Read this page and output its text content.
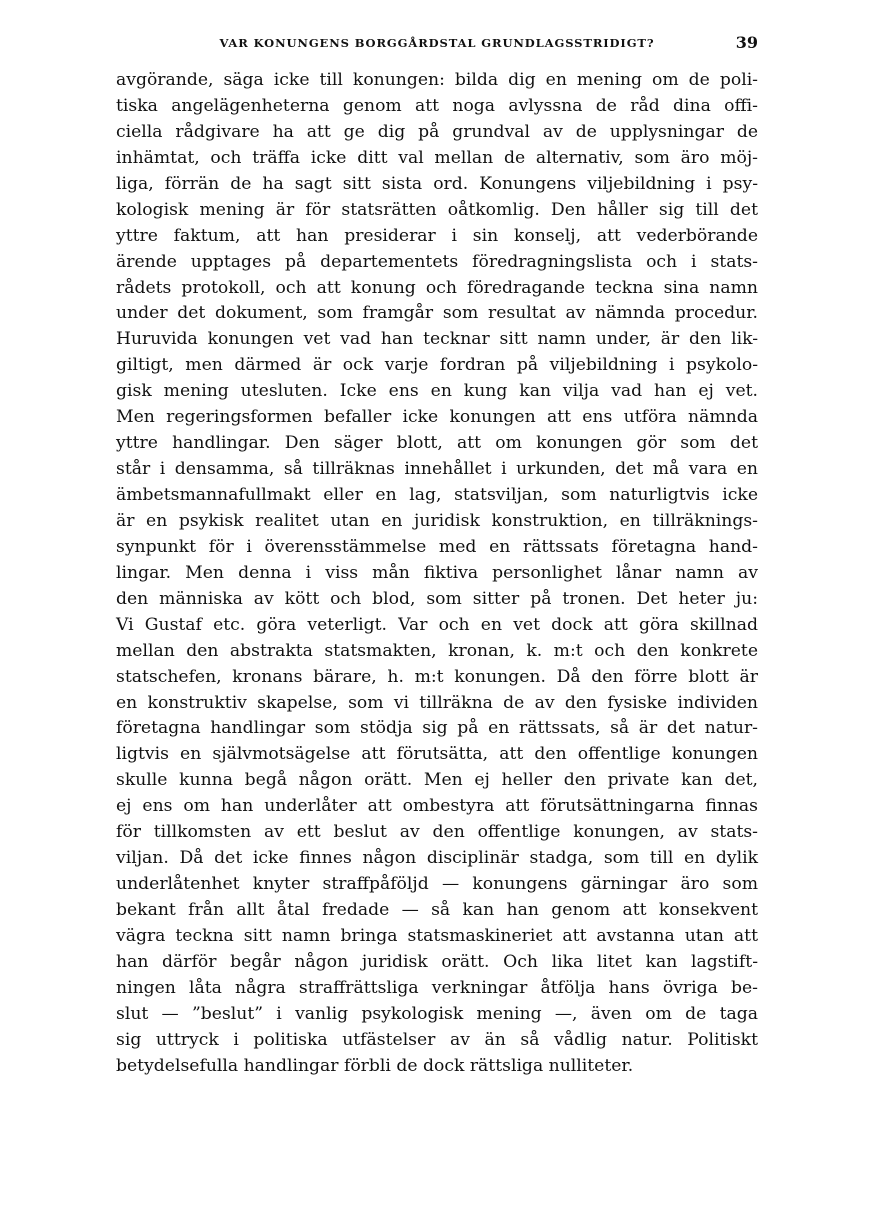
VAR KONUNGENS BORGGÅRDSTAL GRUNDLAGSSTRIDIGT?	39
avgörande, säga icke till konungen: bilda dig en mening om de poli-
tiska angelägenheterna genom att noga avlyssna de råd dina offi-
ciella rådgivare ha att ge dig på grundval av de upplysningar de
inhämtat, och träffa icke ditt val mellan de alternativ, som äro möj-
liga, förrän de ha sagt sitt sista ord. Konungens viljebildning i psy-
kologisk mening är för statsrätten oåtkomlig. Den håller sig till det
yttre faktum, att han presiderar i sin konselj, att vederbörande
ärende upptages på departementets föredragningslista och i stats-
rådets protokoll, och att konung och föredragande teckna sina namn
under det dokument, som framgår som resultat av nämnda procedur.
Huruvida konungen vet vad han tecknar sitt namn under, är den lik-
giltigt, men därmed är ock varje fordran på viljebildning i psykolo-
gisk mening utesluten. Icke ens en kung kan vilja vad han ej vet.
Men regeringsformen befaller icke konungen att ens utföra nämnda
yttre handlingar. Den säger blott, att om konungen gör som det
står i densamma, så tillräknas innehållet i urkunden, det må vara en
ämbetsmannafullmakt eller en lag, statsviljan, som naturligtvis icke
är en psykisk realitet utan en juridisk konstruktion, en tillräknings-
synpunkt för i överensstämmelse med en rättssats företagna hand-
lingar. Men denna i viss mån fiktiva personlighet lånar namn av
den människa av kött och blod, som sitter på tronen. Det heter ju:
Vi Gustaf etc. göra veterligt. Var och en vet dock att göra skillnad
mellan den abstrakta statsmakten, kronan, k. m:t och den konkrete
statschefen, kronans bärare, h. m:t konungen. Då den förre blott är
en konstruktiv skapelse, som vi tillräkna de av den fysiske individen
företagna handlingar som stödja sig på en rättssats, så är det natur-
ligtvis en självmotsägelse att förutsätta, att den offentlige konungen
skulle kunna begå någon orätt. Men ej heller den private kan det,
ej ens om han underlåter att ombestyra att förutsättningarna finnas
för tillkomsten av ett beslut av den offentlige konungen, av stats-
viljan. Då det icke finnes någon disciplinär stadga, som till en dylik
underlåtenhet knyter straffpåföljd — konungens gärningar äro som
bekant från allt åtal fredade — så kan han genom att konsekvent
vägra teckna sitt namn bringa statsmaskineriet att avstanna utan att
han därför begår någon juridisk orätt. Och lika litet kan lagstift-
ningen låta några straffrättsliga verkningar åtfölja hans övriga be-
slut — ”beslut” i vanlig psykologisk mening —, även om de taga
sig uttryck i politiska utfästelser av än så vådlig natur. Politiskt
betydelsefulla handlingar förbli de dock rättsliga nulliteter.
